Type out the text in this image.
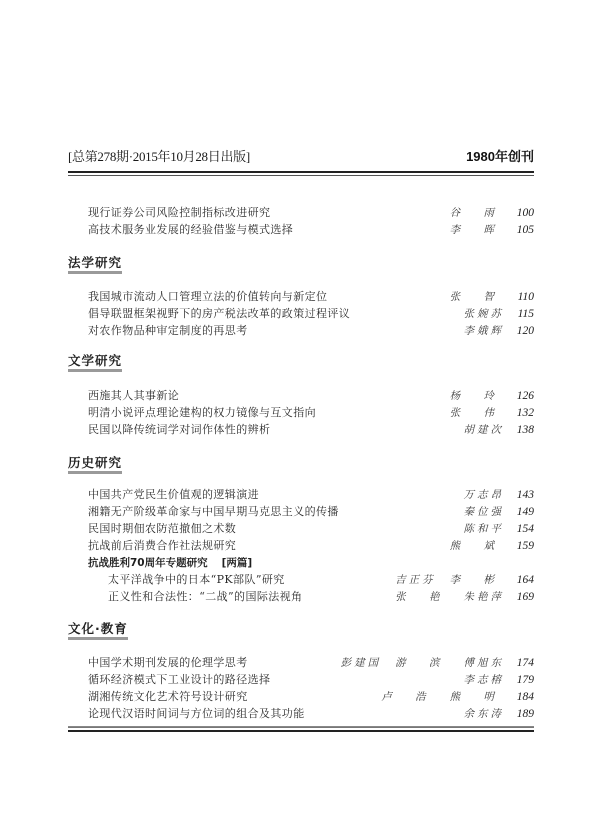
[总第278期·2015年10月28日出版]	1980年创刊
现行证券公司风险控制指标改进研究	谷 雨	100
高技术服务业发展的经验借鉴与模式选择	李 晖	105
法学研究
我国城市流动人口管理立法的价值转向与新定位	张 智	110
倡导联盟框架视野下的房产税法改革的政策过程评议	张婉苏	115
对农作物品种审定制度的再思考	李娥辉	120
文学研究
西施其人其事新论	杨 玲	126
明清小说评点理论建构的权力镜像与互文指向	张 伟	132
民国以降传统词学对词作体性的辨析	胡建次	138
历史研究
中国共产党民生价值观的逻辑演进	万志昂	143
湘籍无产阶级革命家与中国早期马克思主义的传播	秦位强	149
民国时期佃农防范撤佃之术数	陈和平	154
抗战前后消费合作社法规研究	熊 斌	159
抗战胜利70周年专题研究 [两篇]
太平洋战争中的日本“PK部队”研究	吉正芬 李 彬	164
正义性和合法性：“二战”的国际法视角	张 艳 朱艳萍	169
文化·教育
中国学术期刊发展的伦理学思考	彭建国 游 滨 傅旭东	174
循环经济模式下工业设计的路径选择	李志榕	179
湖湘传统文化艺术符号设计研究	卢 浩 熊 明	184
论现代汉语时间词与方位词的组合及其功能	余东涛	189
